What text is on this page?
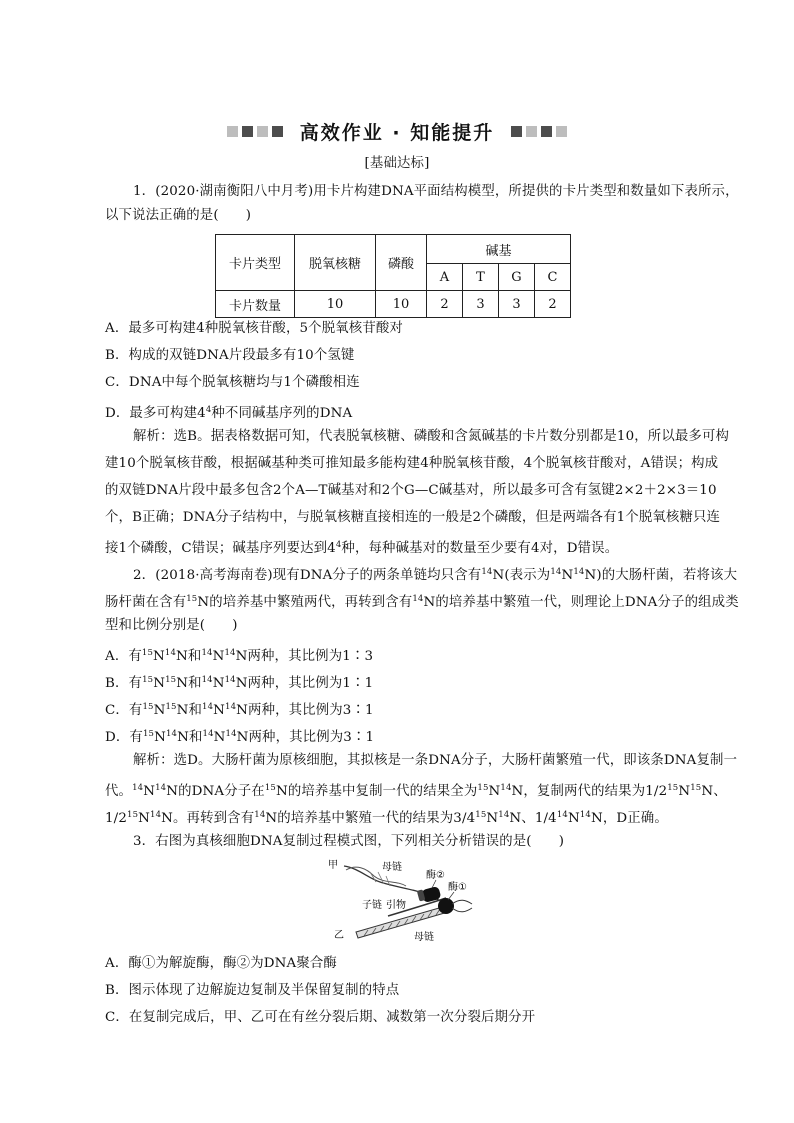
高效作业 · 知能提升
[基础达标]
1．(2020·湖南衡阳八中月考)用卡片构建DNA平面结构模型，所提供的卡片类型和数量如下表所示，
以下说法正确的是(　　)
卡片类型	脱氧核糖	磷酸	碱基			
			A	T	G	C
卡片数量	10	10	2	3	3	2
A．最多可构建4种脱氧核苷酸，5个脱氧核苷酸对
B．构成的双链DNA片段最多有10个氢键
C．DNA中每个脱氧核糖均与1个磷酸相连
D．最多可构建$4^4$种不同碱基序列的DNA
解析：选B。据表格数据可知，代表脱氧核糖、磷酸和含氮碱基的卡片数分别都是10，所以最多可构
建10个脱氧核苷酸，根据碱基种类可推知最多能构建4种脱氧核苷酸，4个脱氧核苷酸对，A错误；构成
的双链DNA片段中最多包含2个A—T碱基对和2个G—C碱基对，所以最多可含有氢键2×2＋2×3＝10
个，B正确；DNA分子结构中，与脱氧核糖直接相连的一般是2个磷酸，但是两端各有1个脱氧核糖只连
接1个磷酸，C错误；碱基序列要达到$4^4$种，每种碱基对的数量至少要有4对，D错误。
2．(2018·高考海南卷)现有DNA分子的两条单链均只含有$^{14}$N(表示为$^{14}N^{14}N$)的大肠杆菌，若将该大
肠杆菌在含有$^{15}$N的培养基中繁殖两代，再转到含有$^{14}$N的培养基中繁殖一代，则理论上DNA分子的组成类
型和比例分别是(　　)
A．有$^{15}N^{14}N$和$^{14}N^{14}N$两种，其比例为1∶3
B．有$^{15}N^{15}N$和$^{14}N^{14}N$两种，其比例为1∶1
C．有$^{15}N^{15}N$和$^{14}N^{14}N$两种，其比例为3∶1
D．有$^{15}N^{14}N$和$^{14}N^{14}N$两种，其比例为3∶1
解析：选D。大肠杆菌为原核细胞，其拟核是一条DNA分子，大肠杆菌繁殖一代，即该条DNA复制一
代。$^{14}N^{14}N$的DNA分子在$^{15}$N的培养基中复制一代的结果全为$^{15}N^{14}N$，复制两代的结果为$1/2^{15}N^{15}N$、
$1/2^{15}N^{14}N$。再转到含有$^{14}$N的培养基中繁殖一代的结果为$3/4^{15}N^{14}N$、$1/4^{14}N^{14}N$，D正确。
3．右图为真核细胞DNA复制过程模式图，下列相关分析错误的是(　　)
甲	母链
酶②
酶①
子链 引物
乙	母链
A．酶①为解旋酶，酶②为DNA聚合酶
B．图示体现了边解旋边复制及半保留复制的特点
C．在复制完成后，甲、乙可在有丝分裂后期、减数第一次分裂后期分开
